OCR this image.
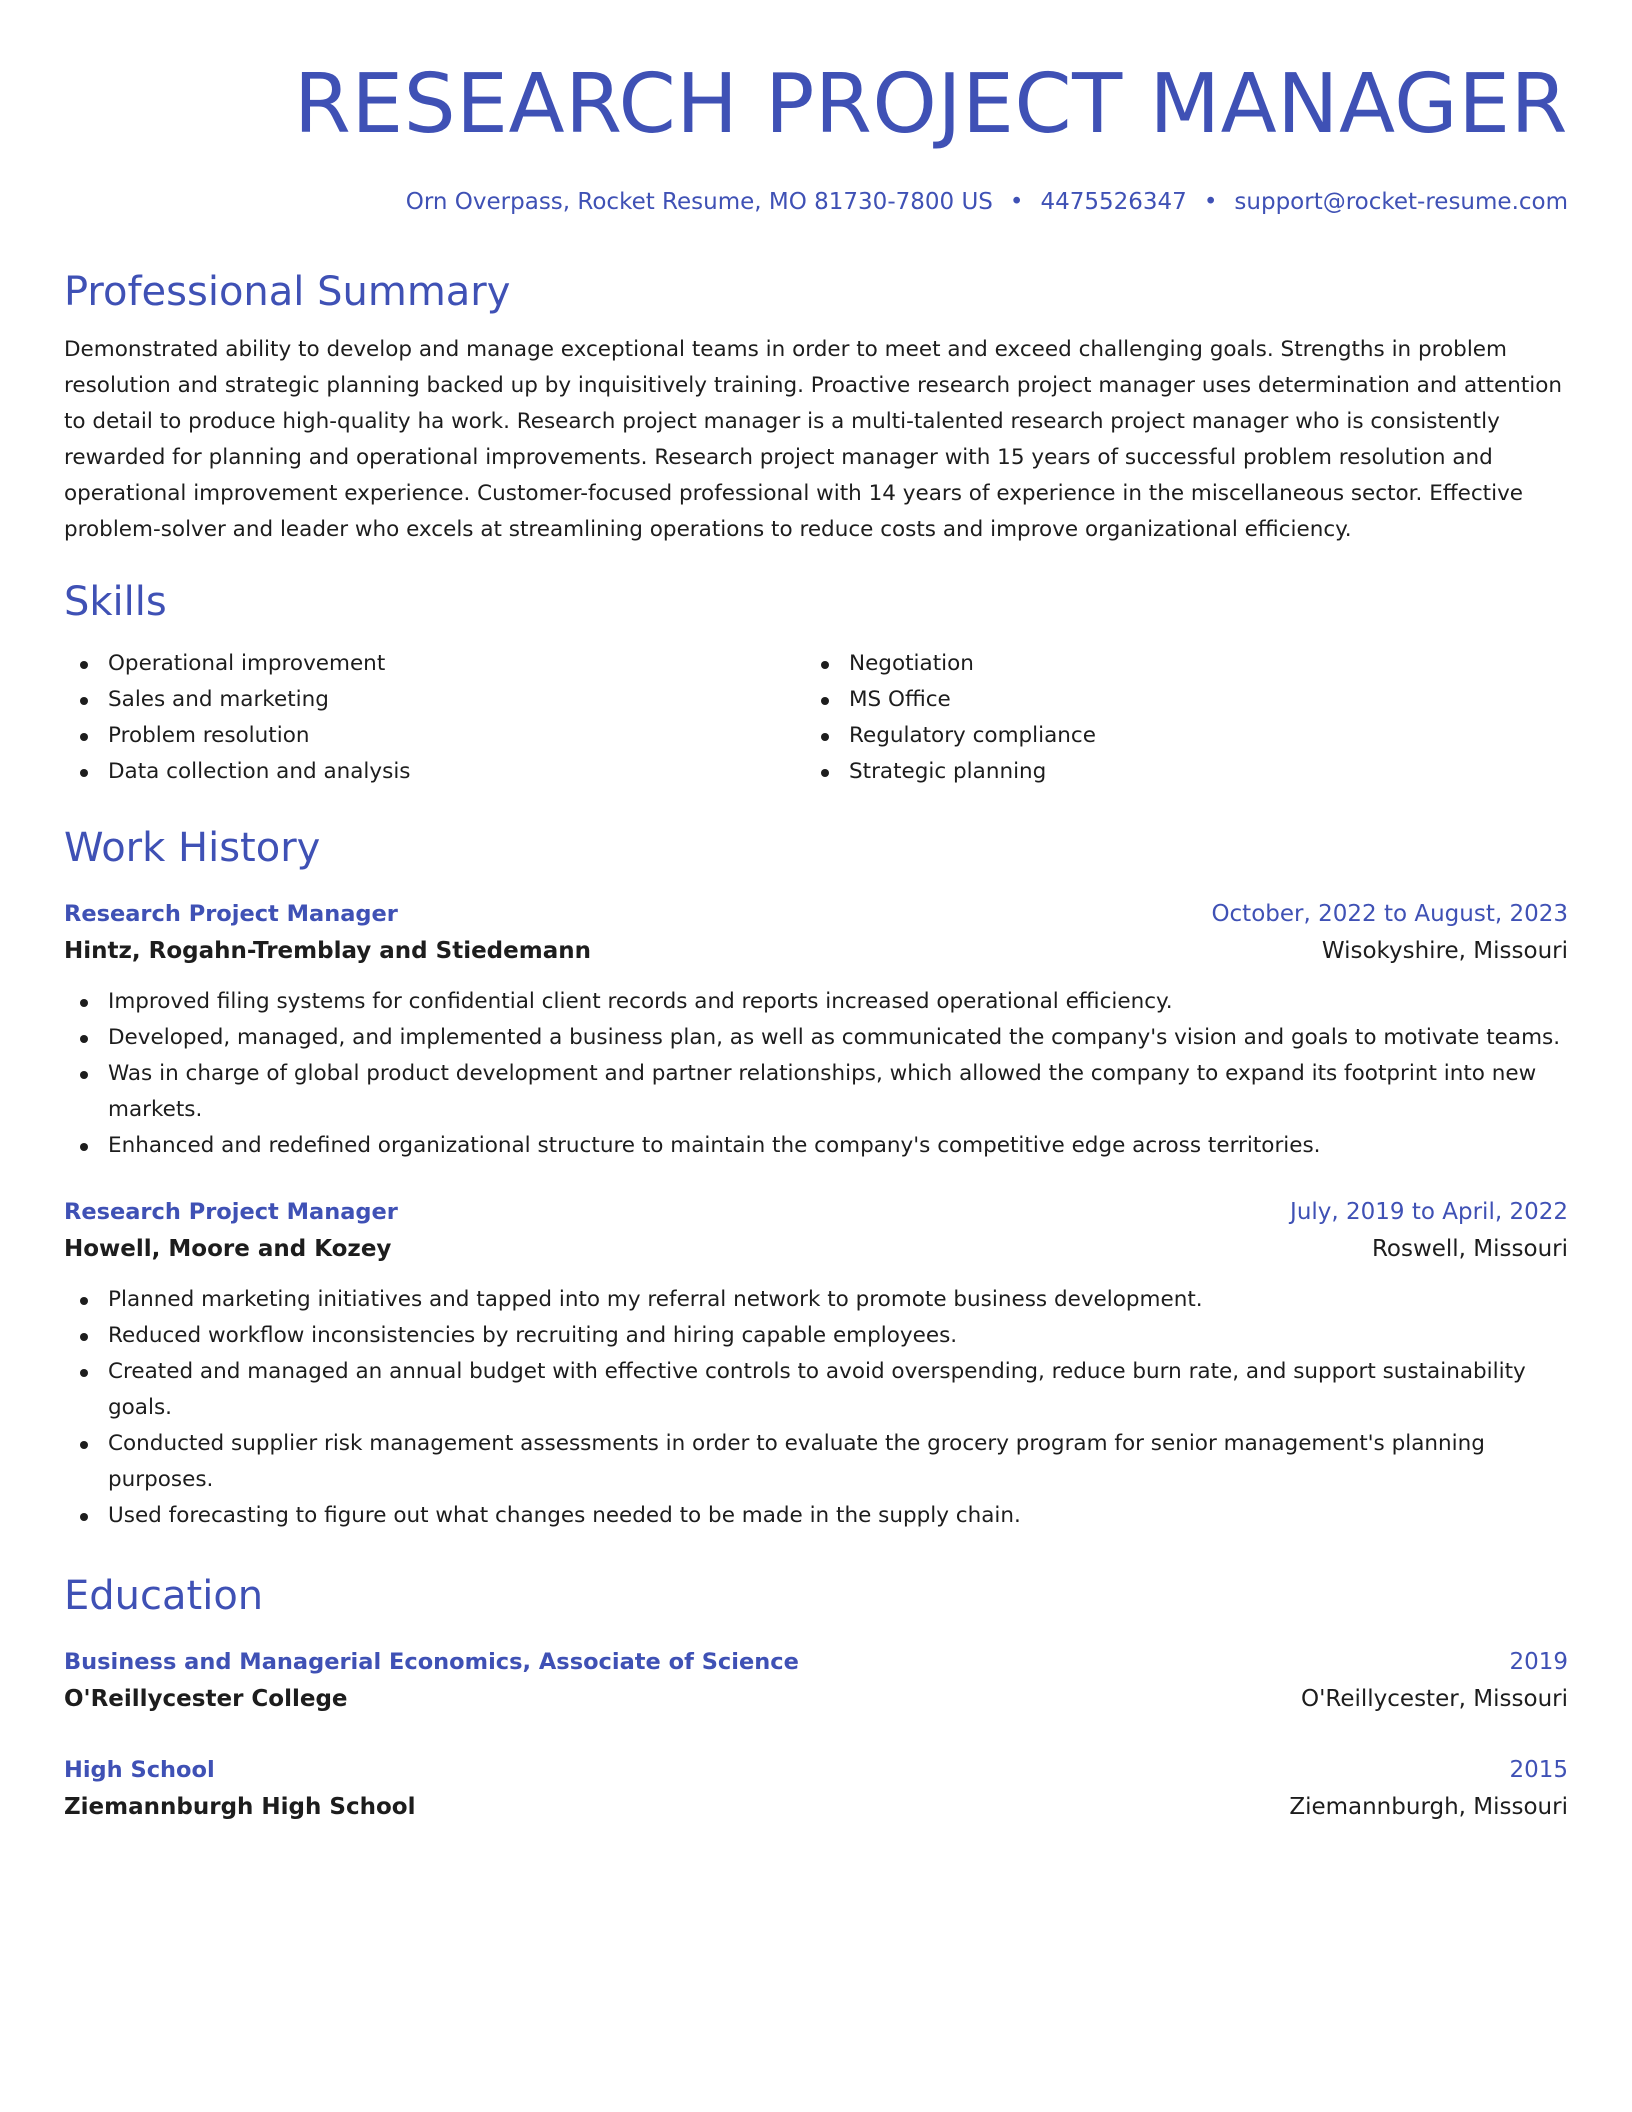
RESEARCH PROJECT MANAGER
Orn Overpass, Rocket Resume, MO 81730-7800 US • 4475526347 • support@rocket-resume.com
Professional Summary

Demonstrated ability to develop and manage exceptional teams in order to meet and exceed challenging goals. Strengths in problem resolution and strategic planning backed up by inquisitively training. Proactive research project manager uses determination and attention to detail to produce high-quality ha work. Research project manager is a multi-talented research project manager who is consistently rewarded for planning and operational improvements. Research project manager with 15 years of successful problem resolution and operational improvement experience. Customer-focused professional with 14 years of experience in the miscellaneous sector. Effective problem-solver and leader who excels at streamlining operations to reduce costs and improve organizational efficiency.

Skills
Operational improvement
Sales and marketing
Problem resolution
Data collection and analysis
Negotiation
MS Office
Regulatory compliance
Strategic planning
Work History
Research Project Manager	October, 2022 to August, 2023
Hintz, Rogahn-Tremblay and Stiedemann	Wisokyshire, Missouri
Improved filing systems for confidential client records and reports increased operational efficiency.
Developed, managed, and implemented a business plan, as well as communicated the company's vision and goals to motivate teams.
Was in charge of global product development and partner relationships, which allowed the company to expand its footprint into new markets.
Enhanced and redefined organizational structure to maintain the company's competitive edge across territories.
Research Project Manager	July, 2019 to April, 2022
Howell, Moore and Kozey	Roswell, Missouri
Planned marketing initiatives and tapped into my referral network to promote business development.
Reduced workflow inconsistencies by recruiting and hiring capable employees.
Created and managed an annual budget with effective controls to avoid overspending, reduce burn rate, and support sustainability goals.
Conducted supplier risk management assessments in order to evaluate the grocery program for senior management's planning purposes.
Used forecasting to figure out what changes needed to be made in the supply chain.
Education
Business and Managerial Economics, Associate of Science	2019
O'Reillycester College	O'Reillycester, Missouri
High School	2015
Ziemannburgh High School	Ziemannburgh, Missouri
